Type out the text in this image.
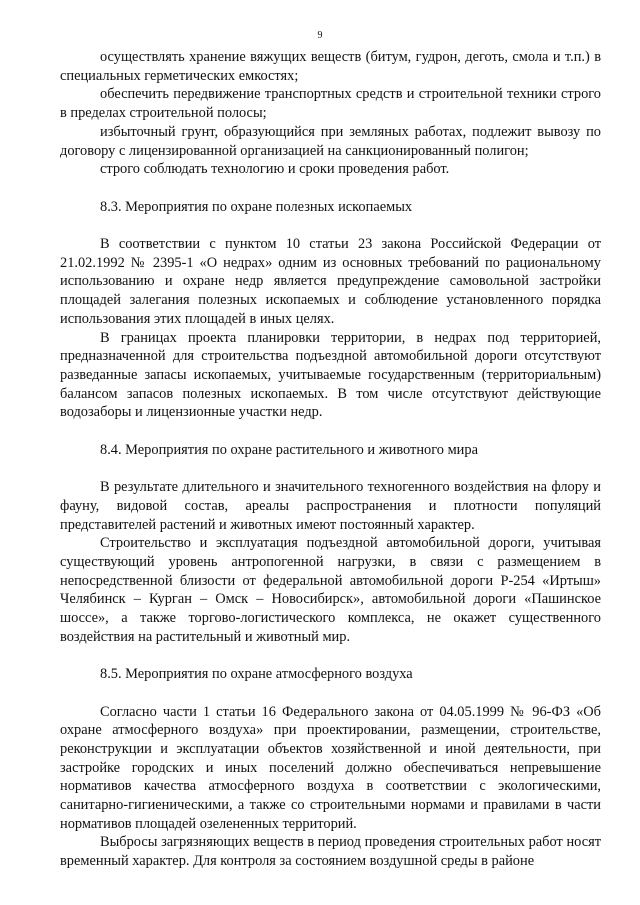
9

осуществлять хранение вяжущих веществ (битум, гудрон, деготь, смола и т.п.) в специальных герметических емкостях;

обеспечить передвижение транспортных средств и строительной техники строго в пределах строительной полосы;

избыточный грунт, образующийся при земляных работах, подлежит вывозу по договору с лицензированной организацией на санкционированный полигон;

строго соблюдать технологию и сроки проведения работ.

8.3. Мероприятия по охране полезных ископаемых

В соответствии с пунктом 10 статьи 23 закона Российской Федерации от 21.02.1992 № 2395-1 «О недрах» одним из основных требований по рациональному использованию и охране недр является предупреждение самовольной застройки площадей залегания полезных ископаемых и соблюдение установленного порядка использования этих площадей в иных целях.

В границах проекта планировки территории, в недрах под территорией, предназначенной для строительства подъездной автомобильной дороги отсутствуют разведанные запасы ископаемых, учитываемые государственным (территориальным) балансом запасов полезных ископаемых. В том числе отсутствуют действующие водозаборы и лицензионные участки недр.

8.4. Мероприятия по охране растительного и животного мира

В результате длительного и значительного техногенного воздействия на флору и фауну, видовой состав, ареалы распространения и плотности популяций представителей растений и животных имеют постоянный характер.

Строительство и эксплуатация подъездной автомобильной дороги, учитывая существующий уровень антропогенной нагрузки, в связи с размещением в непосредственной близости от федеральной автомобильной дороги Р-254 «Иртыш» Челябинск – Курган – Омск – Новосибирск», автомобильной дороги «Пашинское шоссе», а также торгово-логистического комплекса, не окажет существенного воздействия на растительный и животный мир.

8.5. Мероприятия по охране атмосферного воздуха

Согласно части 1 статьи 16 Федерального закона от 04.05.1999 № 96-ФЗ «Об охране атмосферного воздуха» при проектировании, размещении, строительстве, реконструкции и эксплуатации объектов хозяйственной и иной деятельности, при застройке городских и иных поселений должно обеспечиваться непревышение нормативов качества атмосферного воздуха в соответствии с экологическими, санитарно-гигиеническими, а также со строительными нормами и правилами в части нормативов площадей озелененных территорий.

Выбросы загрязняющих веществ в период проведения строительных работ носят временный характер. Для контроля за состоянием воздушной среды в районе
